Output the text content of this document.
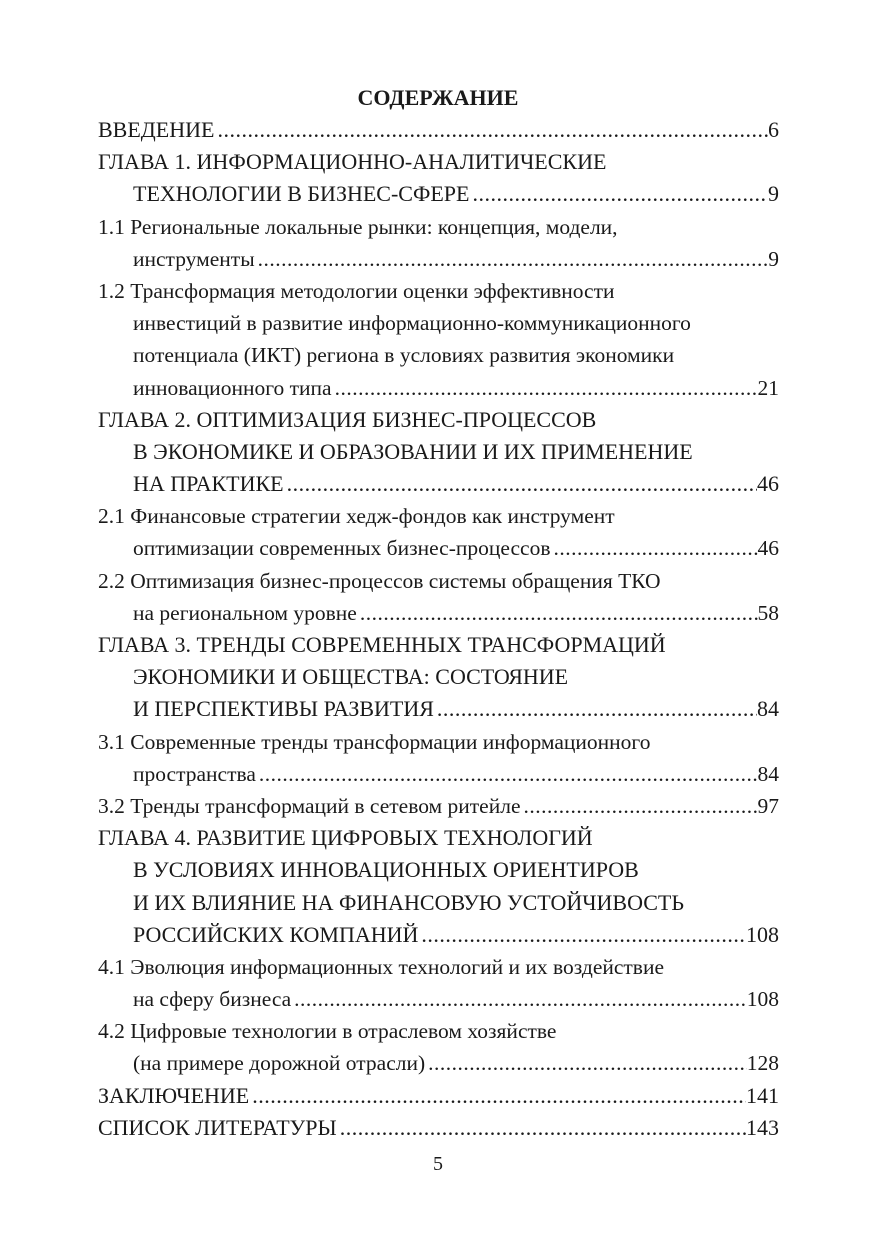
СОДЕРЖАНИЕ
ВВЕДЕНИЕ .....	6
ГЛАВА 1. ИНФОРМАЦИОННО-АНАЛИТИЧЕСКИЕ
ТЕХНОЛОГИИ В БИЗНЕС-СФЕРЕ .....	9
1.1 Региональные локальные рынки: концепция, модели,
инструменты .....	9
1.2 Трансформация методологии оценки эффективности
инвестиций в развитие информационно-коммуникационного
потенциала (ИКТ) региона в условиях развития экономики
инновационного типа .....	21
ГЛАВА 2. ОПТИМИЗАЦИЯ БИЗНЕС-ПРОЦЕССОВ
В ЭКОНОМИКЕ И ОБРАЗОВАНИИ И ИХ ПРИМЕНЕНИЕ
НА ПРАКТИКЕ .....	46
2.1 Финансовые стратегии хедж-фондов как инструмент
оптимизации современных бизнес-процессов .....	46
2.2 Оптимизация бизнес-процессов системы обращения ТКО
на региональном уровне .....	58
ГЛАВА 3. ТРЕНДЫ СОВРЕМЕННЫХ ТРАНСФОРМАЦИЙ
ЭКОНОМИКИ И ОБЩЕСТВА: СОСТОЯНИЕ
И ПЕРСПЕКТИВЫ РАЗВИТИЯ .....	84
3.1 Современные тренды трансформации информационного
пространства .....	84
3.2 Тренды трансформаций в сетевом ритейле .....	97
ГЛАВА 4. РАЗВИТИЕ ЦИФРОВЫХ ТЕХНОЛОГИЙ
В УСЛОВИЯХ ИННОВАЦИОННЫХ ОРИЕНТИРОВ
И ИХ ВЛИЯНИЕ НА ФИНАНСОВУЮ УСТОЙЧИВОСТЬ
РОССИЙСКИХ КОМПАНИЙ .....	108
4.1 Эволюция информационных технологий и их воздействие
на сферу бизнеса .....	108
4.2 Цифровые технологии в отраслевом хозяйстве
(на примере дорожной отрасли) .....	128
ЗАКЛЮЧЕНИЕ .....	141
СПИСОК ЛИТЕРАТУРЫ .....	143
5
